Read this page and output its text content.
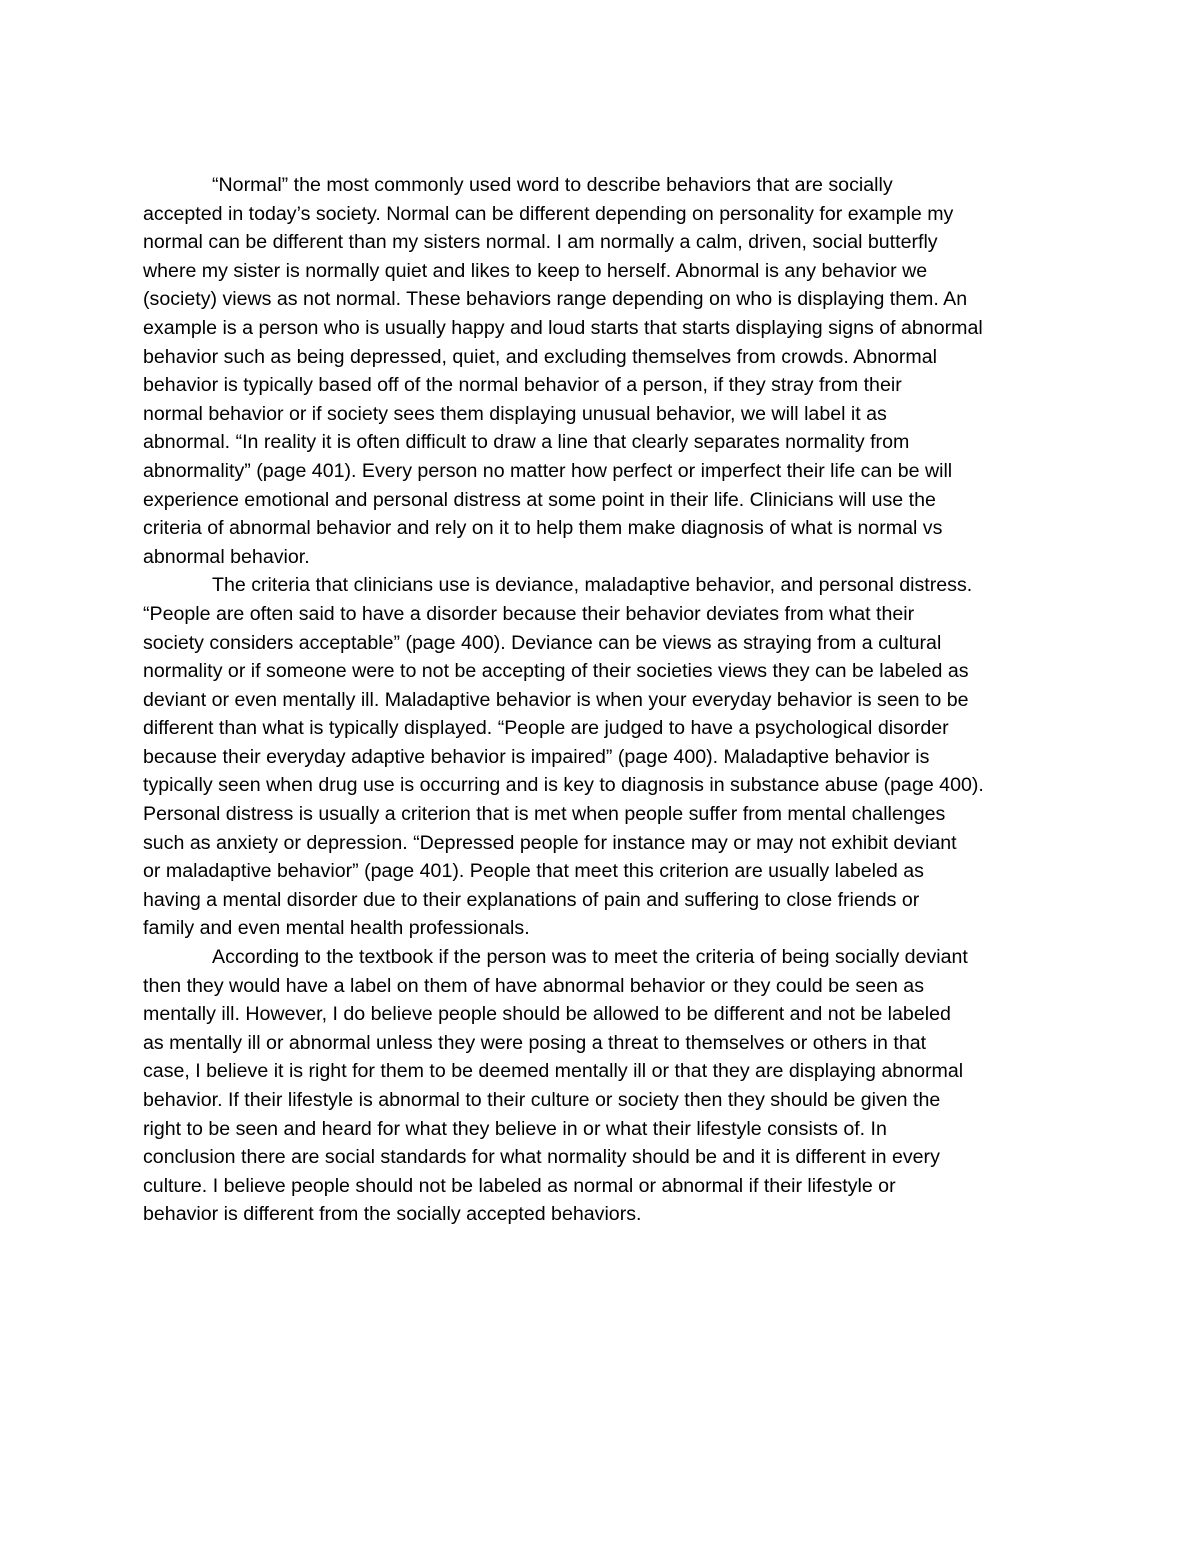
“Normal” the most commonly used word to describe behaviors that are socially
accepted in today’s society. Normal can be different depending on personality for example my
normal can be different than my sisters normal. I am normally a calm, driven, social butterfly
where my sister is normally quiet and likes to keep to herself. Abnormal is any behavior we
(society) views as not normal. These behaviors range depending on who is displaying them. An
example is a person who is usually happy and loud starts that starts displaying signs of abnormal
behavior such as being depressed, quiet, and excluding themselves from crowds. Abnormal
behavior is typically based off of the normal behavior of a person, if they stray from their
normal behavior or if society sees them displaying unusual behavior, we will label it as
abnormal. “In reality it is often difficult to draw a line that clearly separates normality from
abnormality” (page 401). Every person no matter how perfect or imperfect their life can be will
experience emotional and personal distress at some point in their life. Clinicians will use the
criteria of abnormal behavior and rely on it to help them make diagnosis of what is normal vs
abnormal behavior.
The criteria that clinicians use is deviance, maladaptive behavior, and personal distress.
“People are often said to have a disorder because their behavior deviates from what their
society considers acceptable” (page 400). Deviance can be views as straying from a cultural
normality or if someone were to not be accepting of their societies views they can be labeled as
deviant or even mentally ill. Maladaptive behavior is when your everyday behavior is seen to be
different than what is typically displayed. “People are judged to have a psychological disorder
because their everyday adaptive behavior is impaired” (page 400). Maladaptive behavior is
typically seen when drug use is occurring and is key to diagnosis in substance abuse (page 400).
Personal distress is usually a criterion that is met when people suffer from mental challenges
such as anxiety or depression. “Depressed people for instance may or may not exhibit deviant
or maladaptive behavior” (page 401). People that meet this criterion are usually labeled as
having a mental disorder due to their explanations of pain and suffering to close friends or
family and even mental health professionals.
According to the textbook if the person was to meet the criteria of being socially deviant
then they would have a label on them of have abnormal behavior or they could be seen as
mentally ill. However, I do believe people should be allowed to be different and not be labeled
as mentally ill or abnormal unless they were posing a threat to themselves or others in that
case, I believe it is right for them to be deemed mentally ill or that they are displaying abnormal
behavior. If their lifestyle is abnormal to their culture or society then they should be given the
right to be seen and heard for what they believe in or what their lifestyle consists of. In
conclusion there are social standards for what normality should be and it is different in every
culture. I believe people should not be labeled as normal or abnormal if their lifestyle or
behavior is different from the socially accepted behaviors.
